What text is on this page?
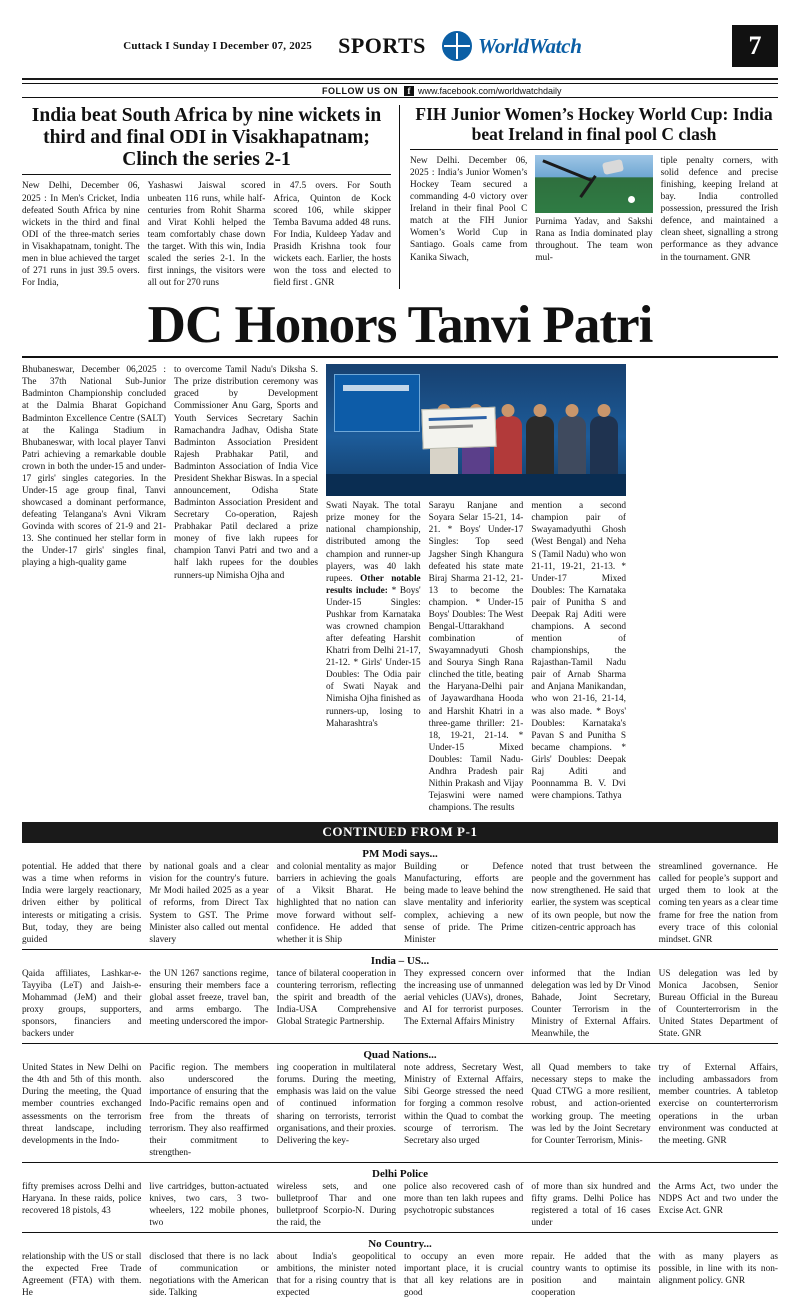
Cuttack I Sunday I December 07, 2025	SPORTS	WorldWatch	7
FOLLOW US ON	f www.facebook.com/worldwatchdaily
India beat South Africa by nine wickets in third and final ODI in Visakhapatnam; Clinch the series 2-1
New Delhi, December 06, 2025 : In Men's Cricket, India defeated South Africa by nine wickets in the third and final ODI of the three-match series in Visakhapatnam, tonight. The men in blue achieved the target of 271 runs in just 39.5 overs. For India,
Yashaswi Jaiswal scored unbeaten 116 runs, while half-centuries from Rohit Sharma and Virat Kohli helped the team comfortably chase down the target. With this win, India scaled the series 2-1. In the first innings, the visitors were all out for 270 runs
in 47.5 overs. For South Africa, Quinton de Kock scored 106, while skipper Temba Bavuma added 48 runs. For India, Kuldeep Yadav and Prasidh Krishna took four wickets each. Earlier, the hosts won the toss and elected to field first . GNR
FIH Junior Women’s Hockey World Cup: India beat Ireland in final pool C clash
New Delhi. December 06, 2025 : India’s Junior Women’s Hockey Team secured a commanding 4-0 victory over Ireland in their final Pool C match at the FIH Junior Women’s World Cup in Santiago. Goals came from Kanika Siwach,
Purnima Yadav, and Sakshi Rana as India dominated play throughout. The team won mul-
tiple penalty corners, with solid defence and precise finishing, keeping Ireland at bay. India controlled possession, pressured the Irish defence, and maintained a clean sheet, signalling a strong performance as they advance in the tournament. GNR
DC Honors Tanvi Patri
Bhubaneswar, December 06,2025 : The 37th National Sub-Junior Badminton Championship concluded at the Dalmia Bharat Gopichand Badminton Excellence Centre (SALT) at the Kalinga Stadium in Bhubaneswar, with local player Tanvi Patri achieving a remarkable double crown in both the under-15 and under-17 girls' singles categories. In the Under-15 age group final, Tanvi showcased a dominant performance, defeating Telangana's Avni Vikram Govinda with scores of 21-9 and 21-13. She continued her stellar form in the Under-17 girls' singles final, playing a high-quality game
to overcome Tamil Nadu's Diksha S. The prize distribution ceremony was graced by Development Commissioner Anu Garg, Sports and Youth Services Secretary Sachin Ramachandra Jadhav, Odisha State Badminton Association President Rajesh Prabhakar Patil, and Badminton Association of India Vice President Shekhar Biswas. In a special announcement, Odisha State Badminton Association President and Secretary Co-operation, Rajesh Prabhakar Patil declared a prize money of five lakh rupees for champion Tanvi Patri and two and a half lakh rupees for the doubles runners-up Nimisha Ojha and
Swati Nayak. The total prize money for the national championship, distributed among the champion and runner-up players, was 40 lakh rupees. Other notable results include: * Boys' Under-15 Singles: Pushkar from Karnataka was crowned champion after defeating Harshit Khatri from Delhi 21-17, 21-12. * Girls' Under-15 Doubles: The Odia pair of Swati Nayak and Nimisha Ojha finished as runners-up, losing to Maharashtra's
Sarayu Ranjane and Soyara Selar 15-21, 14-21. * Boys' Under-17 Singles: Top seed Jagsher Singh Khangura defeated his state mate Biraj Sharma 21-12, 21-13 to become the champion. * Under-15 Boys' Doubles: The West Bengal-Uttarakhand combination of Swayamnadyuti Ghosh and Sourya Singh Rana clinched the title, beating the Haryana-Delhi pair of Jayawardhana Hooda and Harshit Khatri in a three-game thriller: 21-18, 19-21, 21-14. * Under-15 Mixed Doubles: Tamil Nadu-Andhra Pradesh pair Nithin Prakash and Vijay Tejaswini were named champions. The results
mention a second champion pair of Swayamadyuthi Ghosh (West Bengal) and Neha S (Tamil Nadu) who won 21-11, 19-21, 21-13. * Under-17 Mixed Doubles: The Karnataka pair of Punitha S and Deepak Raj Aditi were champions. A second mention of championships, the Rajasthan-Tamil Nadu pair of Arnab Sharma and Anjana Manikandan, who won 21-16, 21-14, was also made. * Boys' Doubles: Karnataka's Pavan S and Punitha S became champions. * Girls' Doubles: Deepak Raj Aditi and Poonnamma B. V. Dvi were champions. Tathya
CONTINUED FROM P-1
PM Modi says...
potential. He added that there was a time when reforms in India were largely reactionary, driven either by political interests or mitigating a crisis. But, today, they are being guided
by national goals and a clear vision for the country's future. Mr Modi hailed 2025 as a year of reforms, from Direct Tax System to GST. The Prime Minister also called out mental slavery
and colonial mentality as major barriers in achieving the goals of a Viksit Bharat. He highlighted that no nation can move forward without self-confidence. He added that whether it is Ship
Building or Defence Manufacturing, efforts are being made to leave behind the slave mentality and inferiority complex, achieving a new sense of pride. The Prime Minister
noted that trust between the people and the government has now strengthened. He said that earlier, the system was sceptical of its own people, but now the citizen-centric approach has
streamlined governance. He called for people’s support and urged them to look at the coming ten years as a clear time frame for free the nation from every trace of this colonial mindset. GNR
India – US...
Qaida affiliates, Lashkar-e-Tayyiba (LeT) and Jaish-e-Mohammad (JeM) and their proxy groups, supporters, sponsors, financiers and backers under
the UN 1267 sanctions regime, ensuring their members face a global asset freeze, travel ban, and arms embargo. The meeting underscored the impor-
tance of bilateral cooperation in countering terrorism, reflecting the spirit and breadth of the India-USA Comprehensive Global Strategic Partnership.
They expressed concern over the increasing use of unmanned aerial vehicles (UAVs), drones, and AI for terrorist purposes. The External Affairs Ministry
informed that the Indian delegation was led by Dr Vinod Bahade, Joint Secretary, Counter Terrorism in the Ministry of External Affairs. Meanwhile, the
US delegation was led by Monica Jacobsen, Senior Bureau Official in the Bureau of Counterterrorism in the United States Department of State. GNR
Quad Nations...
United States in New Delhi on the 4th and 5th of this month. During the meeting, the Quad member countries exchanged assessments on the terrorism threat landscape, including developments in the Indo-
Pacific region. The members also underscored the importance of ensuring that the Indo-Pacific remains open and free from the threats of terrorism. They also reaffirmed their commitment to strengthen-
ing cooperation in multilateral forums. During the meeting, emphasis was laid on the value of continued information sharing on terrorists, terrorist organisations, and their proxies. Delivering the key-
note address, Secretary West, Ministry of External Affairs, Sibi George stressed the need for forging a common resolve within the Quad to combat the scourge of terrorism. The Secretary also urged
all Quad members to take necessary steps to make the Quad CTWG a more resilient, robust, and action-oriented working group. The meeting was led by the Joint Secretary for Counter Terrorism, Minis-
try of External Affairs, including ambassadors from member countries. A tabletop exercise on counterterrorism operations in the urban environment was conducted at the meeting. GNR
Delhi Police
fifty premises across Delhi and Haryana. In these raids, police recovered 18 pistols, 43
live cartridges, button-actuated knives, two cars, 3 two-wheelers, 122 mobile phones, two
wireless sets, and one bulletproof Thar and one bulletproof Scorpio-N. During the raid, the
police also recovered cash of more than ten lakh rupees and psychotropic substances
of more than six hundred and fifty grams. Delhi Police has registered a total of 16 cases under
the Arms Act, two under the NDPS Act and two under the Excise Act. GNR
No Country...
relationship with the US or stall the expected Free Trade Agreement (FTA) with them. He
disclosed that there is no lack of communication or negotiations with the American side. Talking
about India's geopolitical ambitions, the minister noted that for a rising country that is expected
to occupy an even more important place, it is crucial that all key relations are in good
repair. He added that the country wants to optimise its position and maintain cooperation
with as many players as possible, in line with its non-alignment policy. GNR
